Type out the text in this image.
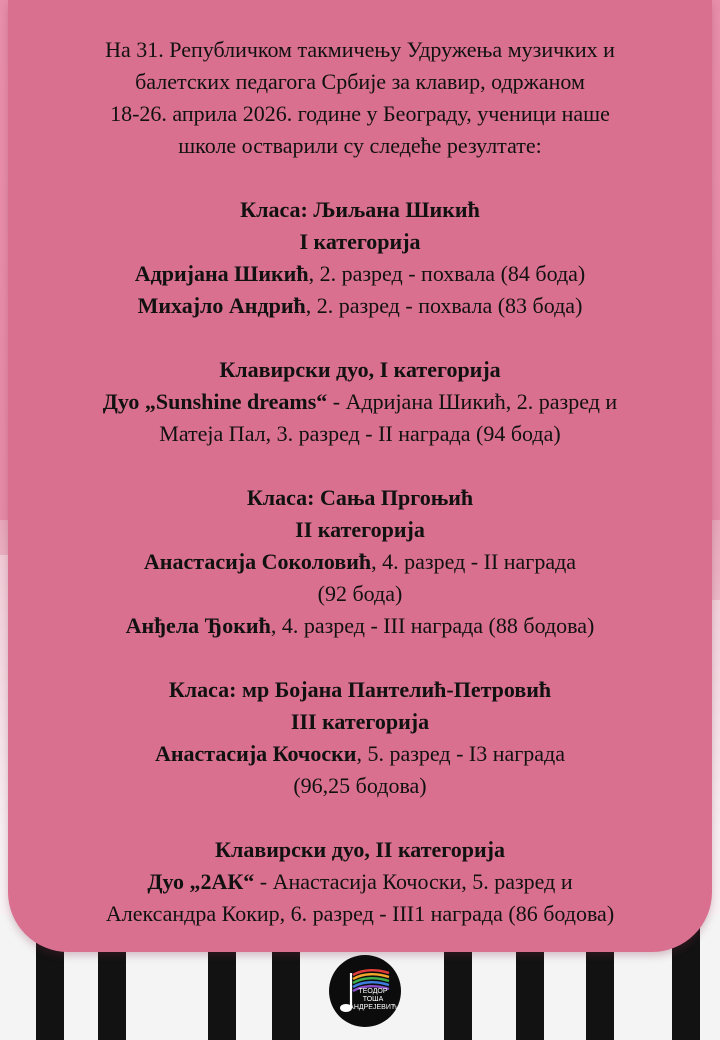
На 31. Републичком такмичењу Удружења музичких и

балетских педагога Србије за клавир, одржаном

18-26. априла 2026. године у Београду, ученици наше

школе остварили су следеће резултате:

Класа: Љиљана Шикић

I категорија

Адријана Шикић, 2. разред - похвала (84 бода)

Михајло Андрић, 2. разред - похвала (83 бода)

Клавирски дуо, I категорија

Дуо „Sunshine dreams“ - Адријана Шикић, 2. разред и

Матеја Пал, 3. разред - II награда (94 бода)

Класа: Сања Пргоњић

II категорија

Анастасија Соколовић, 4. разред - II награда

(92 бода)

Анђела Ђокић, 4. разред - III награда (88 бодова)

Класа: мр Бојана Пантелић-Петровић

III категорија

Анастасија Кочоски, 5. разред - I3 награда

(96,25 бодова)

Клавирски дуо, II категорија

Дуо „2АК“ - Анастасија Кочоски, 5. разред и

Александра Кокир, 6. разред - III1 награда (86 бодова)

ТЕОДОР
ТОША
АНДРЕЈЕВИЋ
